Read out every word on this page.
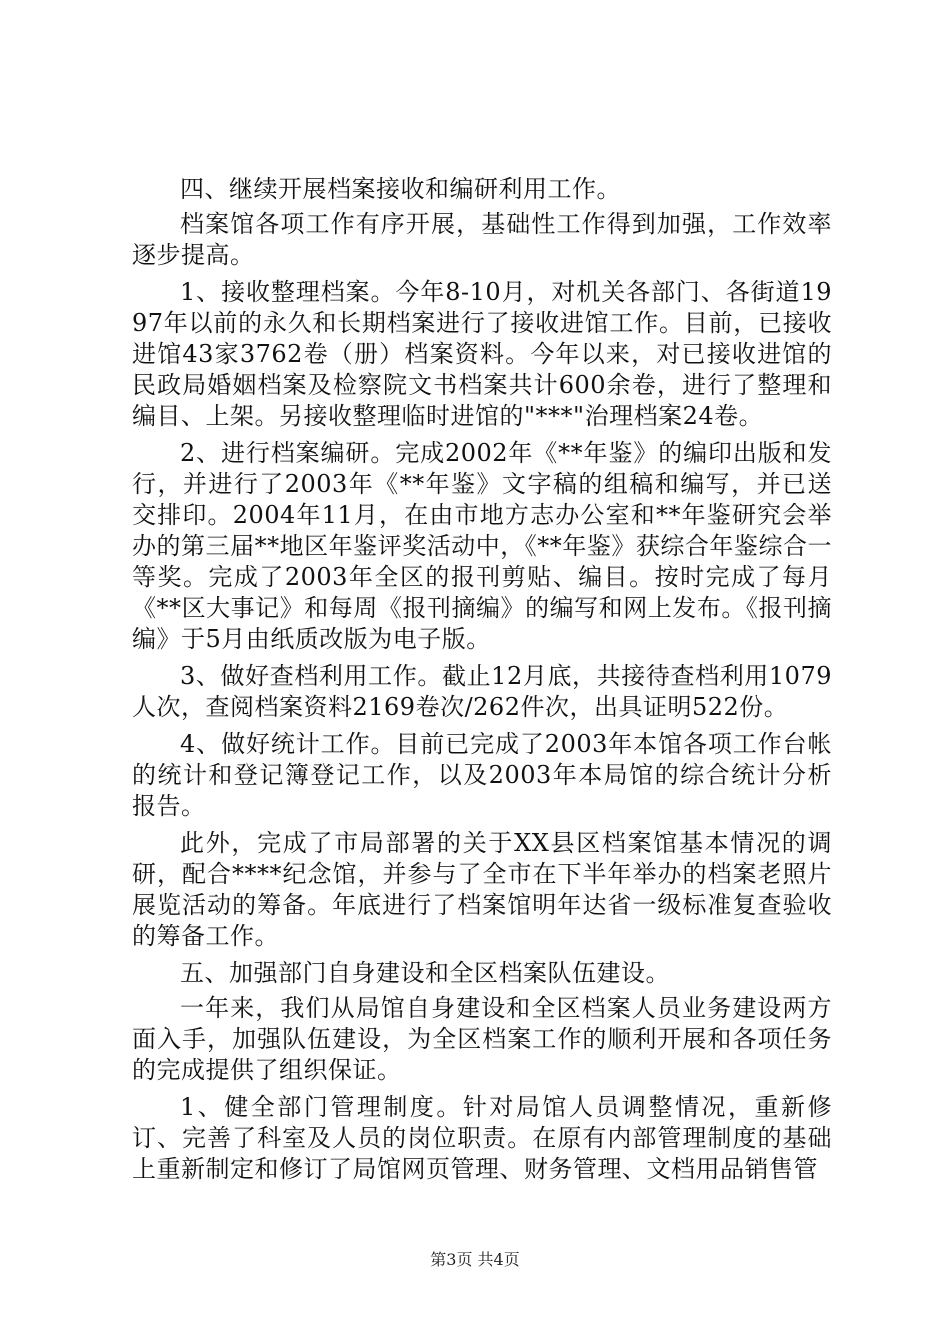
四、继续开展档案接收和编研利用工作。

档案馆各项工作有序开展，基础性工作得到加强，工作效率逐步提高。

1、接收整理档案。今年8-10月，对机关各部门、各街道1997年以前的永久和长期档案进行了接收进馆工作。目前，已接收进馆43家3762卷（册）档案资料。今年以来，对已接收进馆的民政局婚姻档案及检察院文书档案共计600余卷，进行了整理和编目、上架。另接收整理临时进馆的"***"治理档案24卷。

2、进行档案编研。完成2002年《**年鉴》的编印出版和发行，并进行了2003年《**年鉴》文字稿的组稿和编写，并已送交排印。2004年11月，在由市地方志办公室和**年鉴研究会举办的第三届**地区年鉴评奖活动中，《**年鉴》获综合年鉴综合一等奖。完成了2003年全区的报刊剪贴、编目。按时完成了每月《**区大事记》和每周《报刊摘编》的编写和网上发布。《报刊摘编》于5月由纸质改版为电子版。

3、做好查档利用工作。截止12月底，共接待查档利用1079人次，查阅档案资料2169卷次/262件次，出具证明522份。

4、做好统计工作。目前已完成了2003年本馆各项工作台帐的统计和登记簿登记工作，以及2003年本局馆的综合统计分析报告。

此外，完成了市局部署的关于XX县区档案馆基本情况的调研，配合****纪念馆，并参与了全市在下半年举办的档案老照片展览活动的筹备。年底进行了档案馆明年达省一级标准复查验收的筹备工作。

五、加强部门自身建设和全区档案队伍建设。

一年来，我们从局馆自身建设和全区档案人员业务建设两方面入手，加强队伍建设，为全区档案工作的顺利开展和各项任务的完成提供了组织保证。

1、健全部门管理制度。针对局馆人员调整情况，重新修订、完善了科室及人员的岗位职责。在原有内部管理制度的基础上重新制定和修订了局馆网页管理、财务管理、文档用品销售管

第3页 共4页
